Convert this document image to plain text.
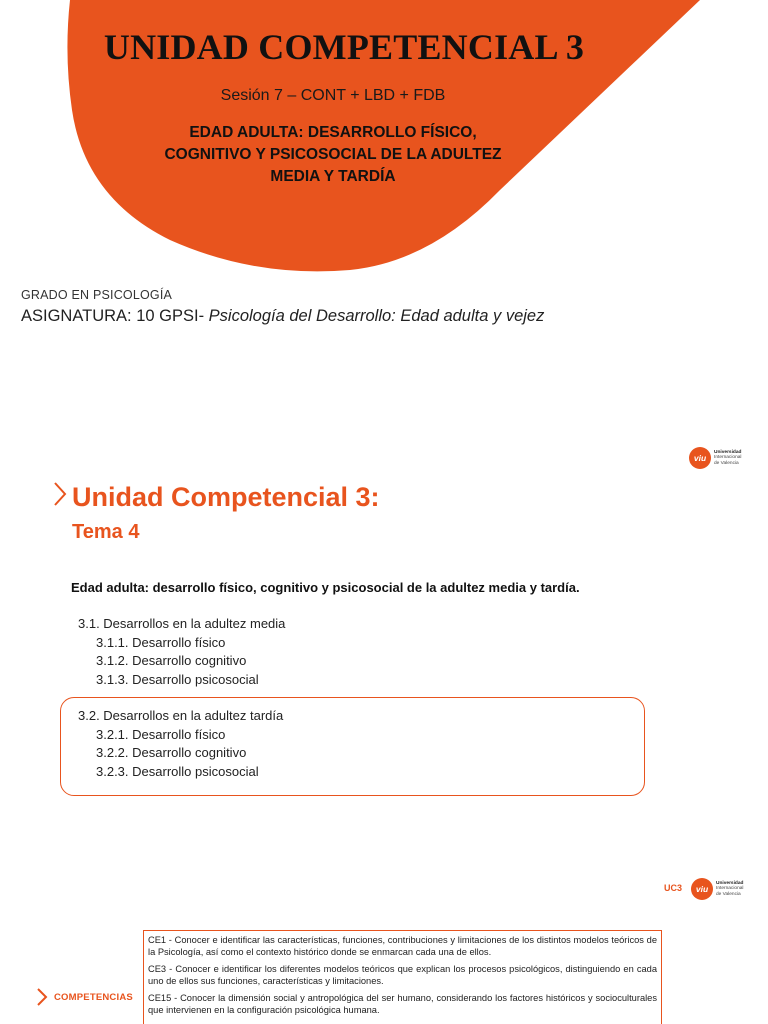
UNIDAD COMPETENCIAL 3
Sesión 7 – CONT + LBD + FDB
EDAD ADULTA: DESARROLLO FÍSICO,
COGNITIVO Y PSICOSOCIAL DE LA ADULTEZ
MEDIA Y TARDÍA
GRADO EN PSICOLOGÍA
ASIGNATURA: 10 GPSI- Psicología del Desarrollo: Edad adulta y vejez
viu
Universidad
Internacional
de Valencia
Unidad Competencial 3:
Tema 4
Edad adulta: desarrollo físico, cognitivo y psicosocial de la adultez media y tardía.
3.1. Desarrollos en la adultez media
3.1.1. Desarrollo físico
3.1.2. Desarrollo cognitivo
3.1.3. Desarrollo psicosocial
3.2. Desarrollos en la adultez tardía
3.2.1. Desarrollo físico
3.2.2. Desarrollo cognitivo
3.2.3. Desarrollo psicosocial
UC3	viu
Universidad
Internacional
de Valencia
COMPETENCIAS

CE1 - Conocer e identificar las características, funciones, contribuciones y limitaciones de los distintos modelos teóricos de la Psicología, así como el contexto histórico donde se enmarcan cada una de ellos.

CE3 - Conocer e identificar los diferentes modelos teóricos que explican los procesos psicológicos, distinguiendo en cada uno de ellos sus funciones, características y limitaciones.

CE15 - Conocer la dimensión social y antropológica del ser humano, considerando los factores históricos y socioculturales que intervienen en la configuración psicológica humana.
